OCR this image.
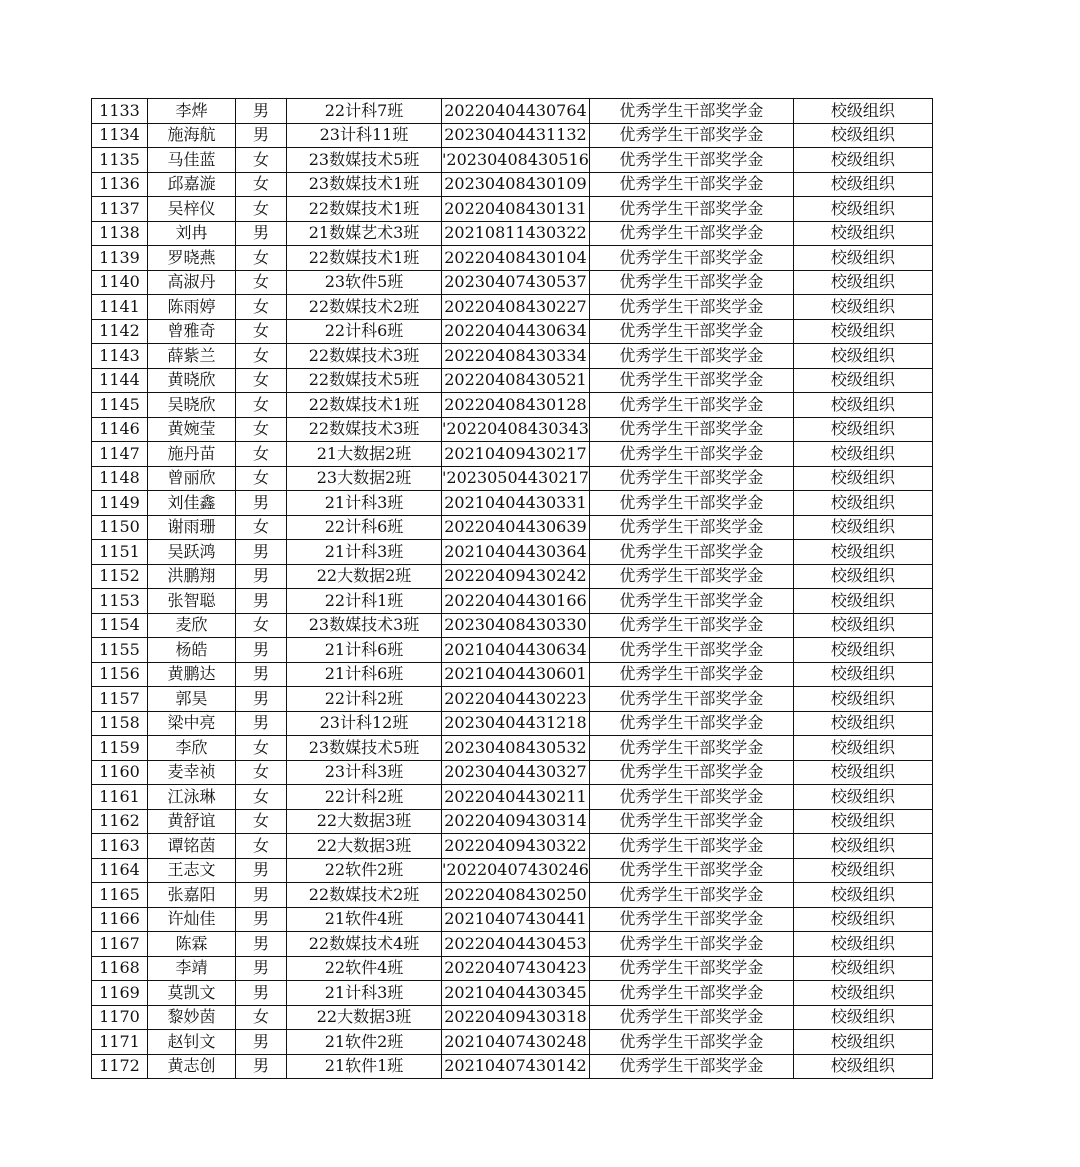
1133	李烨	男	22计科7班	20220404430764	优秀学生干部奖学金	校级组织
1134	施海航	男	23计科11班	20230404431132	优秀学生干部奖学金	校级组织
1135	马佳蓝	女	23数媒技术5班	'20230408430516	优秀学生干部奖学金	校级组织
1136	邱嘉漩	女	23数媒技术1班	20230408430109	优秀学生干部奖学金	校级组织
1137	吴梓仪	女	22数媒技术1班	20220408430131	优秀学生干部奖学金	校级组织
1138	刘冉	男	21数媒艺术3班	20210811430322	优秀学生干部奖学金	校级组织
1139	罗晓燕	女	22数媒技术1班	20220408430104	优秀学生干部奖学金	校级组织
1140	高淑丹	女	23软件5班	20230407430537	优秀学生干部奖学金	校级组织
1141	陈雨婷	女	22数媒技术2班	20220408430227	优秀学生干部奖学金	校级组织
1142	曾雅奇	女	22计科6班	20220404430634	优秀学生干部奖学金	校级组织
1143	薛紫兰	女	22数媒技术3班	20220408430334	优秀学生干部奖学金	校级组织
1144	黄晓欣	女	22数媒技术5班	20220408430521	优秀学生干部奖学金	校级组织
1145	吴晓欣	女	22数媒技术1班	20220408430128	优秀学生干部奖学金	校级组织
1146	黄婉莹	女	22数媒技术3班	'20220408430343	优秀学生干部奖学金	校级组织
1147	施丹苗	女	21大数据2班	20210409430217	优秀学生干部奖学金	校级组织
1148	曾丽欣	女	23大数据2班	'20230504430217	优秀学生干部奖学金	校级组织
1149	刘佳鑫	男	21计科3班	20210404430331	优秀学生干部奖学金	校级组织
1150	谢雨珊	女	22计科6班	20220404430639	优秀学生干部奖学金	校级组织
1151	吴跃鸿	男	21计科3班	20210404430364	优秀学生干部奖学金	校级组织
1152	洪鹏翔	男	22大数据2班	20220409430242	优秀学生干部奖学金	校级组织
1153	张智聪	男	22计科1班	20220404430166	优秀学生干部奖学金	校级组织
1154	麦欣	女	23数媒技术3班	20230408430330	优秀学生干部奖学金	校级组织
1155	杨皓	男	21计科6班	20210404430634	优秀学生干部奖学金	校级组织
1156	黄鹏达	男	21计科6班	20210404430601	优秀学生干部奖学金	校级组织
1157	郭昊	男	22计科2班	20220404430223	优秀学生干部奖学金	校级组织
1158	梁中亮	男	23计科12班	20230404431218	优秀学生干部奖学金	校级组织
1159	李欣	女	23数媒技术5班	20230408430532	优秀学生干部奖学金	校级组织
1160	麦幸祯	女	23计科3班	20230404430327	优秀学生干部奖学金	校级组织
1161	江泳琳	女	22计科2班	20220404430211	优秀学生干部奖学金	校级组织
1162	黄舒谊	女	22大数据3班	20220409430314	优秀学生干部奖学金	校级组织
1163	谭铭茵	女	22大数据3班	20220409430322	优秀学生干部奖学金	校级组织
1164	王志文	男	22软件2班	'20220407430246	优秀学生干部奖学金	校级组织
1165	张嘉阳	男	22数媒技术2班	20220408430250	优秀学生干部奖学金	校级组织
1166	许灿佳	男	21软件4班	20210407430441	优秀学生干部奖学金	校级组织
1167	陈霖	男	22数媒技术4班	20220404430453	优秀学生干部奖学金	校级组织
1168	李靖	男	22软件4班	20220407430423	优秀学生干部奖学金	校级组织
1169	莫凯文	男	21计科3班	20210404430345	优秀学生干部奖学金	校级组织
1170	黎妙茵	女	22大数据3班	20220409430318	优秀学生干部奖学金	校级组织
1171	赵钊文	男	21软件2班	20210407430248	优秀学生干部奖学金	校级组织
1172	黄志创	男	21软件1班	20210407430142	优秀学生干部奖学金	校级组织
